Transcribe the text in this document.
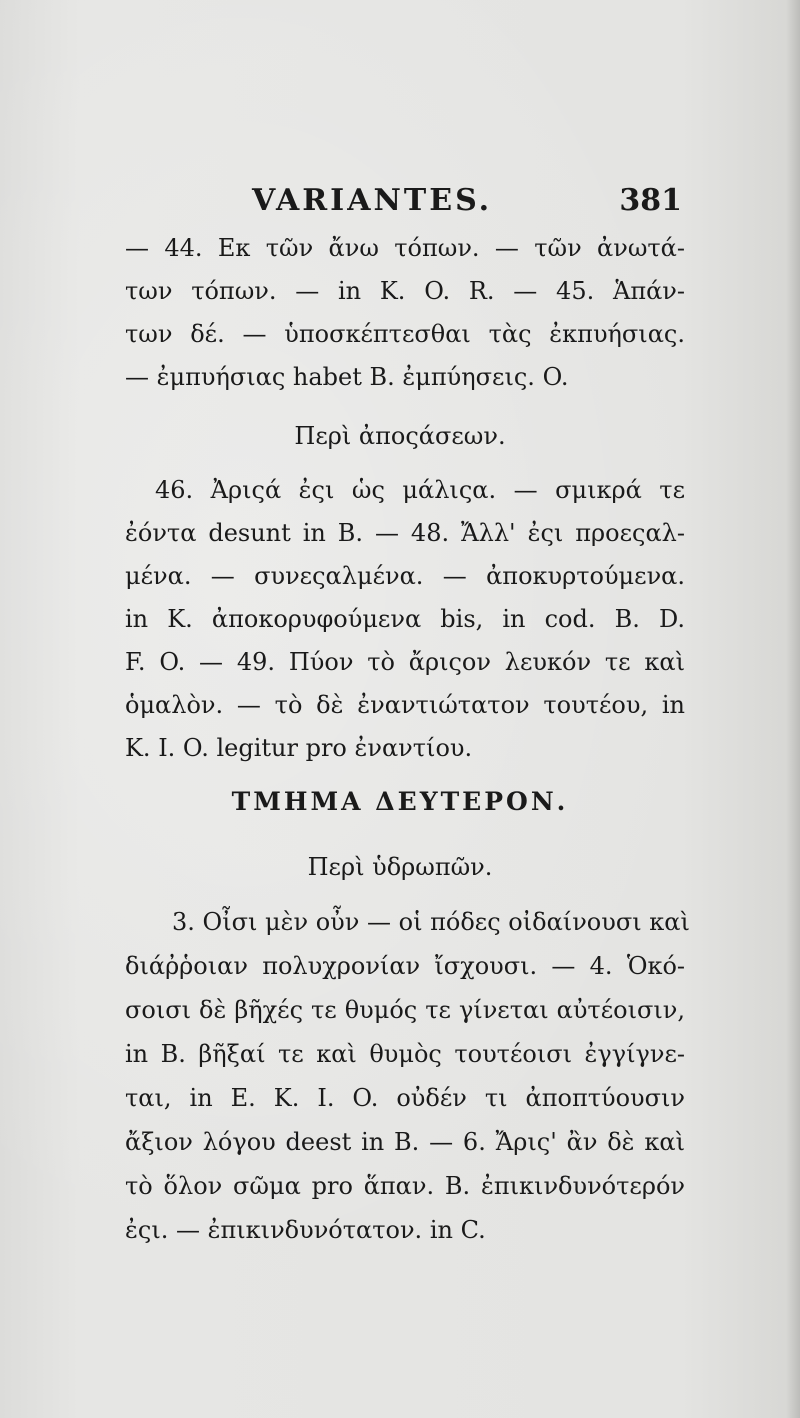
VARIANTES.	381
— 44. Εκ τῶν ἄνω τόπων. — τῶν ἀνωτά-
των τόπων. — in K. O. R. — 45. Ἁπάν-
των δέ. — ὑποσκέπτεσθαι τὰς ἐκπυήσιας.
— ἐμπυήσιας habet B. ἐμπύησεις. O.
Περὶ ἀποςάσεων.
46. Ἀριςά ἐςι ὡς μάλιςα. — σμικρά τε
ἐόντα desunt in B. — 48. Ἄλλ' ἐςι προεςαλ-
μένα. — συνεςαλμένα. — ἀποκυρτούμενα.
in K. ἀποκορυφούμενα bis, in cod. B. D.
F. O. — 49. Πύον τὸ ἄριςον λευκόν τε καὶ
ὁμαλὸν. — τὸ δὲ ἐναντιώτατον τουτέου, in
K. I. O. legitur pro ἐναντίου.
ΤΜΗΜΑ ΔΕΥΤΕΡΟΝ.
Περὶ ὑδρωπῶν.
3. Οἶσι μὲν οὖν — οἱ πόδες οἰδαίνουσι καὶ
διάῤῥοιαν πολυχρονίαν ἴσχουσι. — 4. Ὁκό-
σοισι δὲ βῆχές τε θυμός τε γίνεται αὐτέοισιν,
in B. βῆξαί τε καὶ θυμὸς τουτέοισι ἐγγίγνε-
ται, in E. K. I. O. οὐδέν τι ἀποπτύουσιν
ἄξιον λόγου deest in B. — 6. Ἄρις' ἂν δὲ καὶ
τὸ ὅλον σῶμα pro ἅπαν. B. ἐπικινδυνότερόν
ἐςι. — ἐπικινδυνότατον. in C.
